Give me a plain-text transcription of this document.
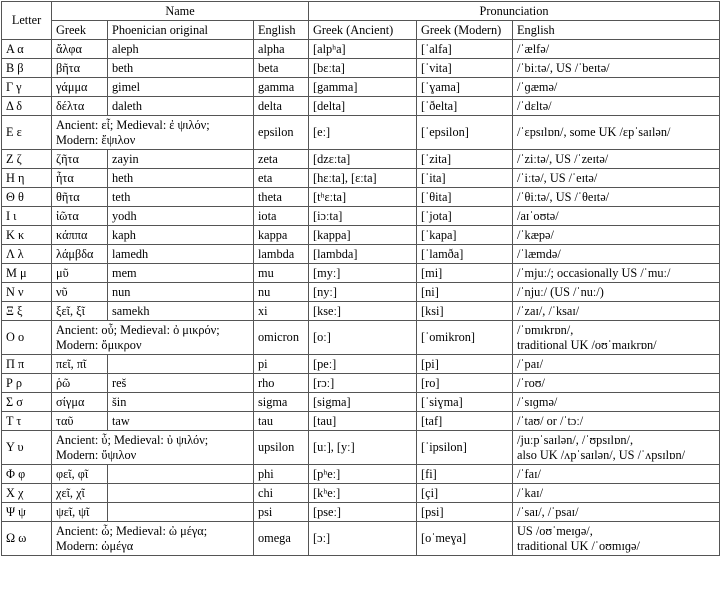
Letter	Name			Pronunciation		
	Greek	Phoenician original	English	Greek (Ancient)	Greek (Modern)	English
Α α	ἄλφα	aleph	alpha	[alpʰa]	[ˈalfa]	/ˈælfə/

Β β	βῆτα	beth	beta	[bɛːta]	[ˈvita]	/ˈbiːtə/, US /ˈbeɪtə/

Γ γ	γάμμα	gimel	gamma	[gamma]	[ˈɣama]	/ˈɡæmə/

Δ δ	δέλτα	daleth	delta	[delta]	[ˈðelta]	/ˈdɛltə/

Ε ε	Ancient: εἶ; Medieval: ἐ ψιλόν;
Modern: ἔψιλον		epsilon	[eː]	[ˈepsilon]	/ˈɛpsɪlɒn/, some UK /ɛpˈsaɪlən/

Ζ ζ	ζῆτα	zayin	zeta	[dzɛːta]	[ˈzita]	/ˈziːtə/, US /ˈzeɪtə/

Η η	ἦτα	heth	eta	[hɛːta], [ɛːta]	[ˈita]	/ˈiːtə/, US /ˈeɪtə/

Θ θ	θῆτα	teth	theta	[tʰɛːta]	[ˈθita]	/ˈθiːtə/, US /ˈθeɪtə/

Ι ι	ἰῶτα	yodh	iota	[iɔːta]	[ˈjota]	/aɪˈoʊtə/

Κ κ	κάππα	kaph	kappa	[kappa]	[ˈkapa]	/ˈkæpə/

Λ λ	λάμβδα	lamedh	lambda	[lambda]	[ˈlamða]	/ˈlæmdə/

Μ μ	μῦ	mem	mu	[myː]	[mi]	/ˈmjuː/; occasionally US /ˈmuː/

Ν ν	νῦ	nun	nu	[nyː]	[ni]	/ˈnjuː/ (US /ˈnuː/)

Ξ ξ	ξεῖ, ξῖ	samekh	xi	[kseː]	[ksi]	/ˈzaɪ/, /ˈksaɪ/

Ο ο	Ancient: οὖ; Medieval: ὀ μικρόν;
Modern: ὄμικρον		omicron	[oː]	[ˈomikron]	/ˈɒmɪkrɒn/,
traditional UK /oʊˈmaɪkrɒn/

Π π	πεῖ, πῖ		pi	[peː]	[pi]	/ˈpaɪ/

Ρ ρ	ῥῶ	reš	rho	[rɔː]	[ro]	/ˈroʊ/

Σ σ	σίγμα	šin	sigma	[sigma]	[ˈsiɣma]	/ˈsɪɡmə/

Τ τ	ταῦ	taw	tau	[tau]	[taf]	/ˈtaʊ/ or /ˈtɔː/

Υ υ	Ancient: ὖ; Medieval: ὐ ψιλόν;
Modern: ὔψιλον		upsilon	[uː], [yː]	[ˈipsilon]	/juːpˈsaɪlən/, /ˈʊpsɪlɒn/,
also UK /ʌpˈsaɪlən/, US /ˈʌpsɪlɒn/

Φ φ	φεῖ, φῖ		phi	[pʰeː]	[fi]	/ˈfaɪ/

Χ χ	χεῖ, χῖ		chi	[kʰeː]	[çi]	/ˈkaɪ/

Ψ ψ	ψεῖ, ψῖ		psi	[pseː]	[psi]	/ˈsaɪ/, /ˈpsaɪ/

Ω ω	Ancient: ὦ; Medieval: ὠ μέγα;
Modern: ὠμέγα		omega	[ɔː]	[oˈmeɣa]	US /oʊˈmeɪɡə/,
traditional UK /ˈoʊmɪɡə/
